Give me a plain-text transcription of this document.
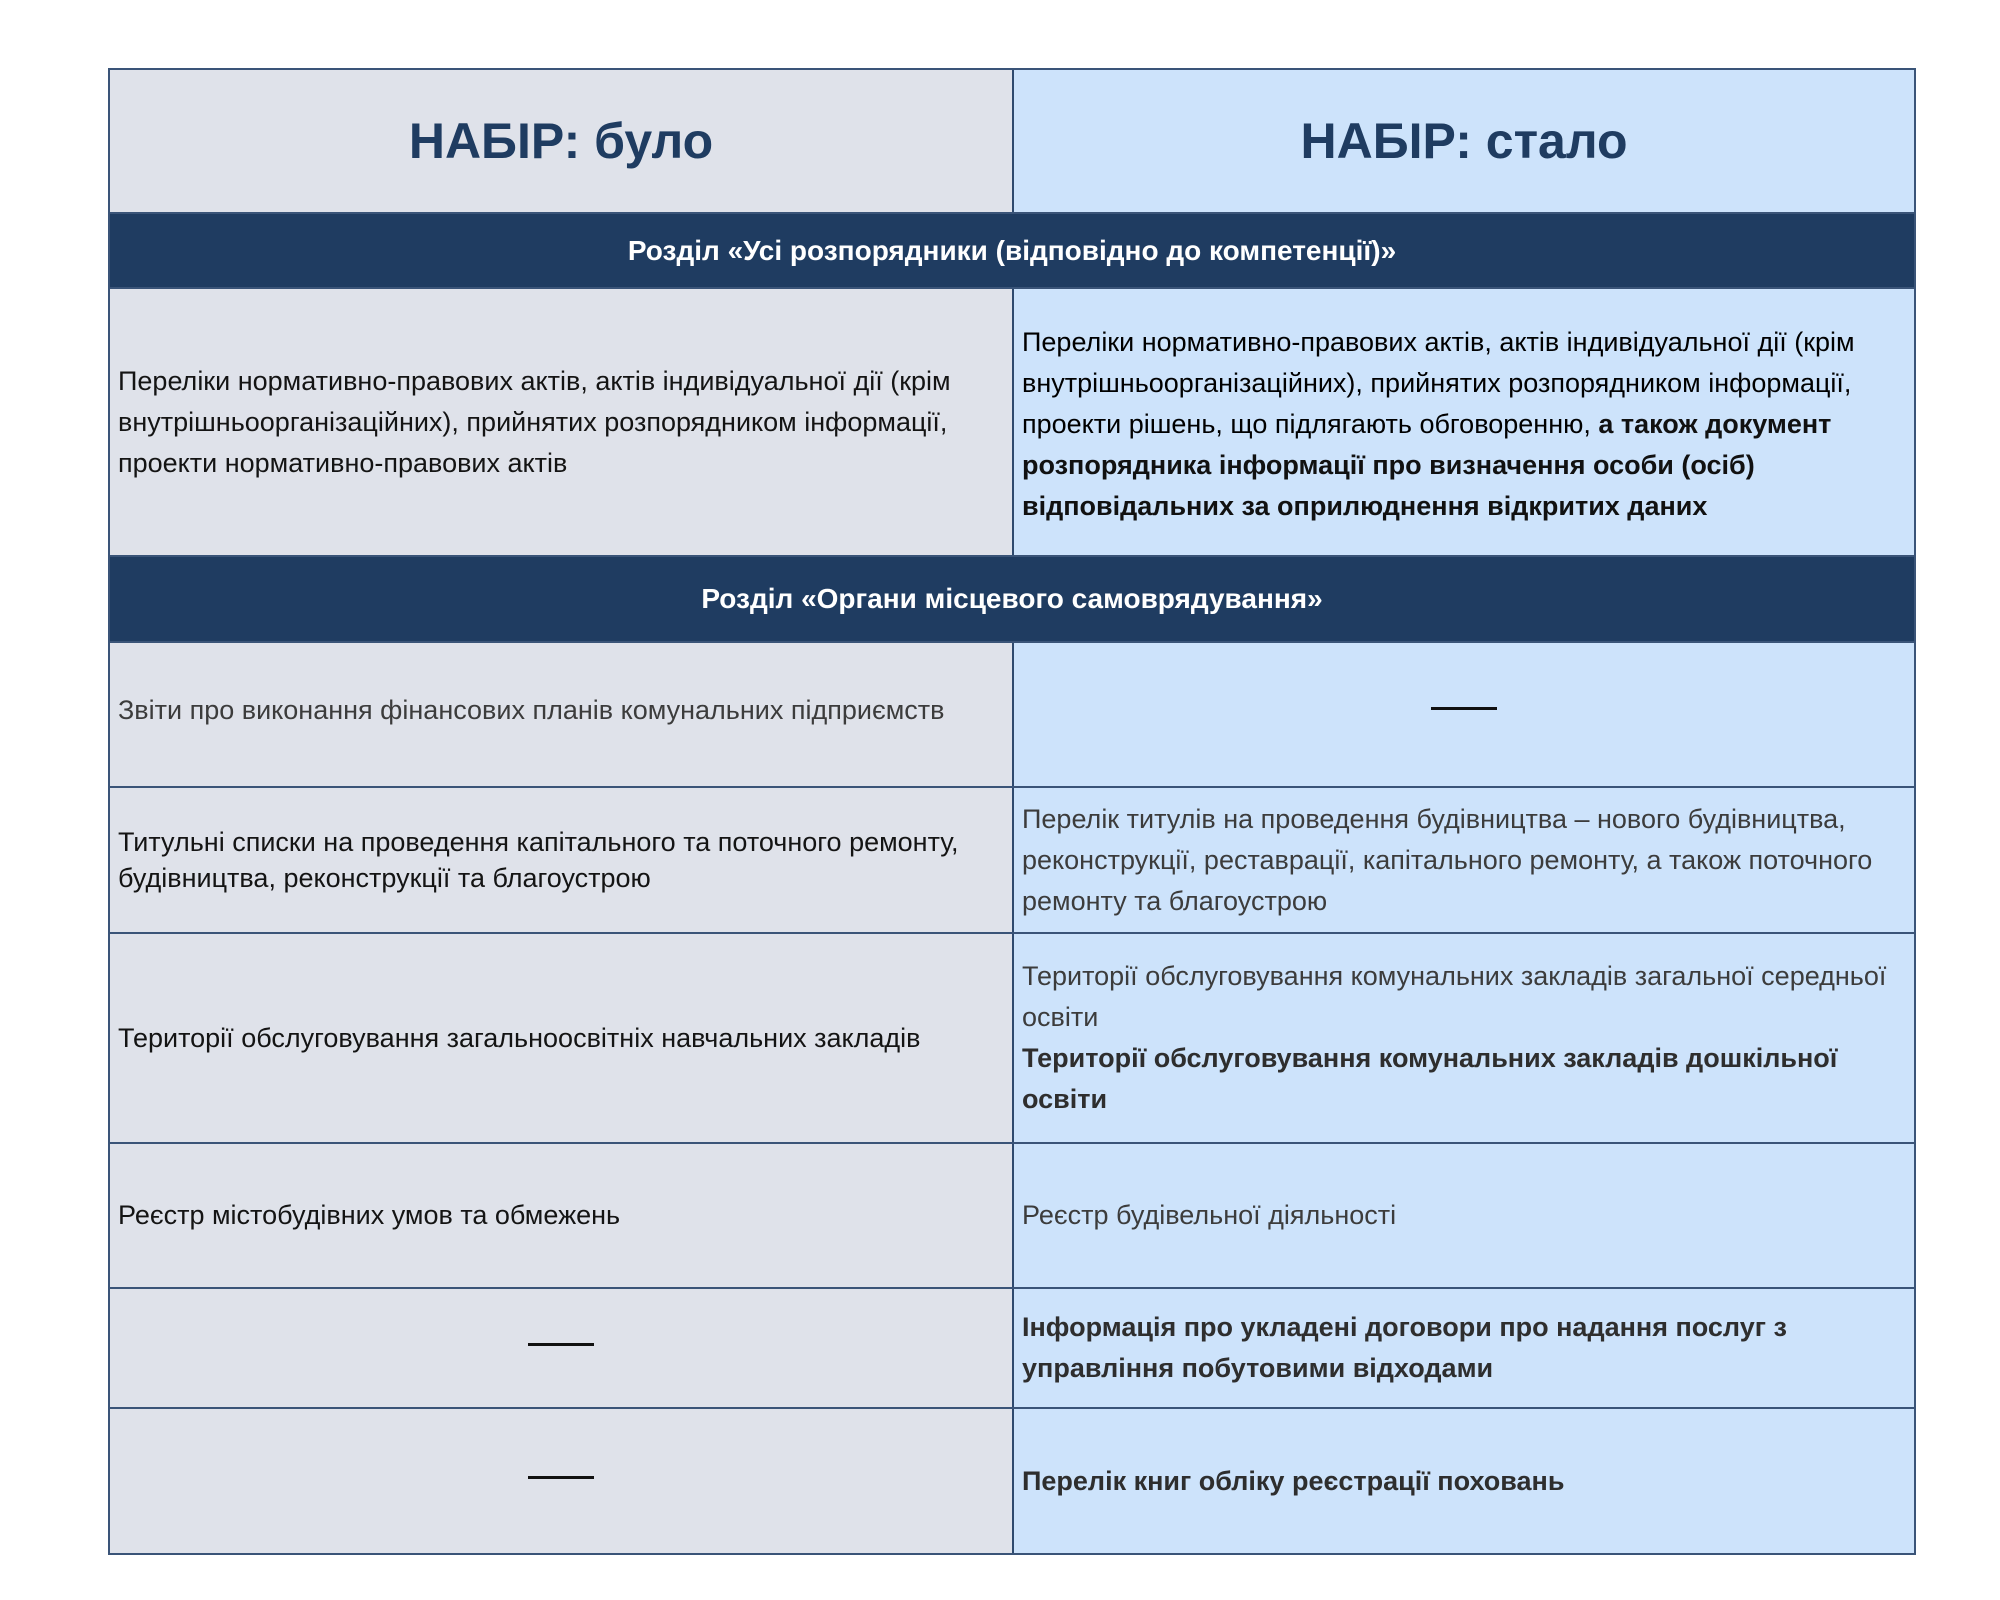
НАБІР: було	НАБІР: стало
Розділ «Усі розпорядники (відповідно до компетенції)»
Переліки нормативно-правових актів, актів індивідуальної дії (крім внутрішньоорганізаційних), прийнятих розпорядником інформації, проекти нормативно-правових актів
Переліки нормативно-правових актів, актів індивідуальної дії (крім внутрішньоорганізаційних), прийнятих розпорядником інформації, проекти рішень, що підлягають обговоренню, а також документ розпорядника інформації про визначення особи (осіб) відповідальних за оприлюднення відкритих даних
Розділ «Органи місцевого самоврядування»
Звіти про виконання фінансових планів комунальних підприємств
Титульні списки на проведення капітального та поточного ремонту, будівництва, реконструкції та благоустрою
Перелік титулів на проведення будівництва – нового будівництва, реконструкції, реставрації, капітального ремонту, а також поточного ремонту та благоустрою
Території обслуговування загальноосвітніх навчальних закладів
Території обслуговування комунальних закладів загальної середньої освіти
Території обслуговування комунальних закладів дошкільної освіти
Реєстр містобудівних умов та обмежень	Реєстр будівельної діяльності
Інформація про укладені договори про надання послуг з управління побутовими відходами
Перелік книг обліку реєстрації поховань
